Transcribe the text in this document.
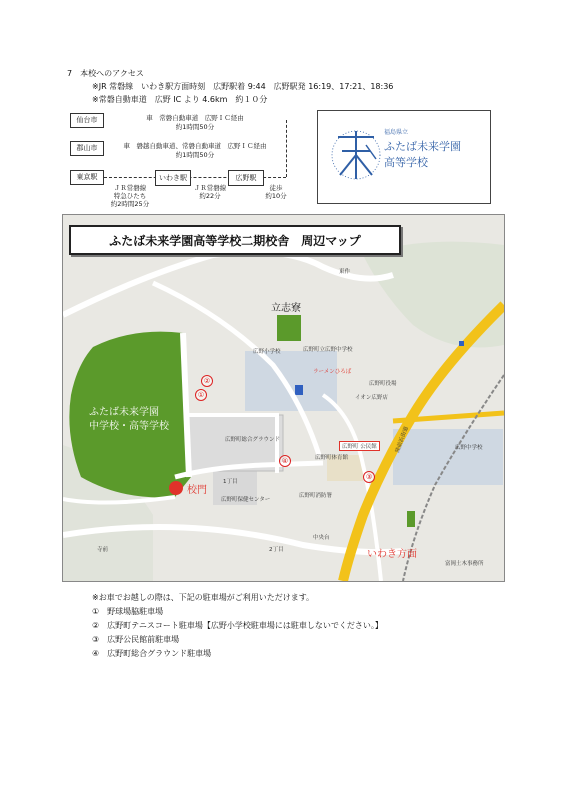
7　本校へのアクセス
※JR 常磐線　いわき駅方面時刻　広野駅着 9:44　広野駅発 16:19、17:21、18:36
※常磐自動車道　広野 IC より 4.6km　約１０分
仙台市
郡山市
東京駅
車　常磐自動車道　広野ＩＣ経由
約1時間50分
車　磐越自動車道、常磐自動車道　広野ＩＣ経由
約1時間50分
いわき駅	広野駅
ＪＲ常磐線
特急ひたち
約2時間25分
ＪＲ常磐線
約22分
徒歩
約10分
福島県立
ふたば未来学園
高等学校
ふたば未来学園高等学校二期校舎　周辺マップ
ふたば未来学園
中学校・高等学校
立志寮
校門
いわき方面
①
②
③
④
広野小学校	広野町立広野中学校
ラーメンひろば
広野町役場
イオン広野店
広野町総合グラウンド
広野町 公民館
広野町体育館
広野中学校
広野町消防署
広野町保健センター
陸前浜街道
中央台
富岡土木事務所
1丁目
2丁目
寺前
東作
※お車でお越しの際は、下記の駐車場がご利用いただけます。
①　野球場脇駐車場
②　広野町テニスコート駐車場【広野小学校駐車場には駐車しないでください。】
③　広野公民館前駐車場
④　広野町総合グラウンド駐車場
